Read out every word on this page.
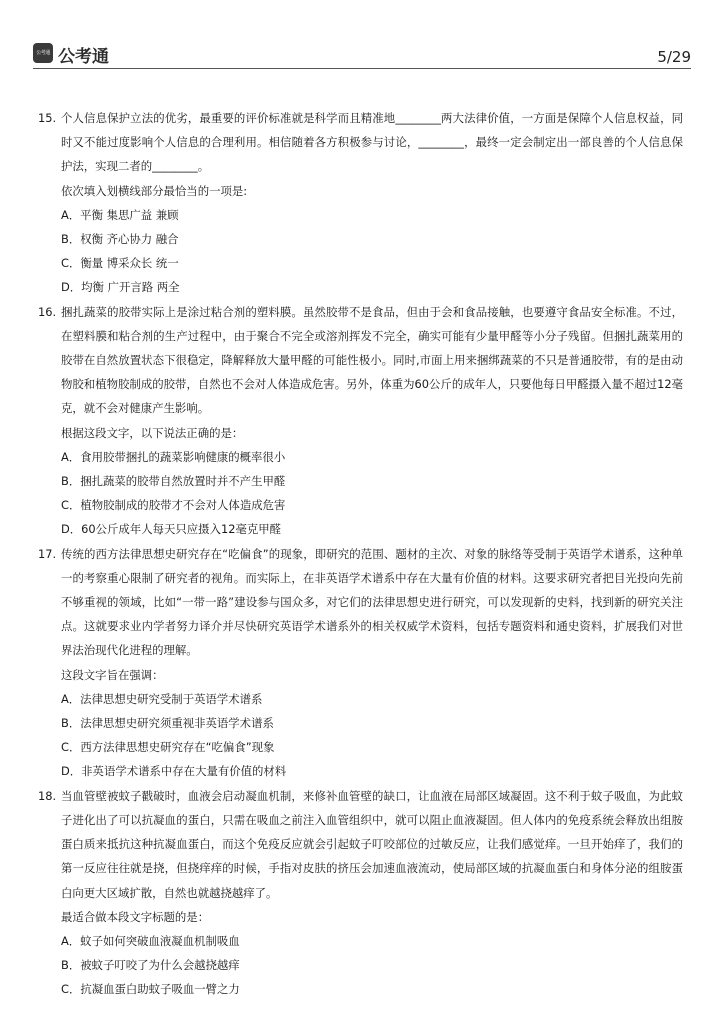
公考通 公考通	5/29
15. 个人信息保护立法的优劣，最重要的评价标准就是科学而且精准地________两大法律价值，一方面是保障个人信息权益，同时又不能过度影响个人信息的合理利用。相信随着各方积极参与讨论，________，最终一定会制定出一部良善的个人信息保护法，实现二者的________。

依次填入划横线部分最恰当的一项是:

A．平衡 集思广益 兼顾

B．权衡 齐心协力 融合

C．衡量 博采众长 统一

D．均衡 广开言路 两全

16. 捆扎蔬菜的胶带实际上是涂过粘合剂的塑料膜。虽然胶带不是食品，但由于会和食品接触，也要遵守食品安全标准。不过，在塑料膜和粘合剂的生产过程中，由于聚合不完全或溶剂挥发不完全，确实可能有少量甲醛等小分子残留。但捆扎蔬菜用的胶带在自然放置状态下很稳定，降解释放大量甲醛的可能性极小。同时,市面上用来捆绑蔬菜的不只是普通胶带，有的是由动物胶和植物胶制成的胶带，自然也不会对人体造成危害。另外，体重为60公斤的成年人，只要他每日甲醛摄入量不超过12毫克，就不会对健康产生影响。

根据这段文字，以下说法正确的是：

A．食用胶带捆扎的蔬菜影响健康的概率很小

B．捆扎蔬菜的胶带自然放置时并不产生甲醛

C．植物胶制成的胶带才不会对人体造成危害

D．60公斤成年人每天只应摄入12毫克甲醛

17. 传统的西方法律思想史研究存在“吃偏食”的现象，即研究的范围、题材的主次、对象的脉络等受制于英语学术谱系，这种单一的考察重心限制了研究者的视角。而实际上，在非英语学术谱系中存在大量有价值的材料。这要求研究者把目光投向先前不够重视的领域，比如“一带一路”建设参与国众多，对它们的法律思想史进行研究，可以发现新的史料，找到新的研究关注点。这就要求业内学者努力译介并尽快研究英语学术谱系外的相关权威学术资料，包括专题资料和通史资料，扩展我们对世界法治现代化进程的理解。

这段文字旨在强调：

A．法律思想史研究受制于英语学术谱系

B．法律思想史研究须重视非英语学术谱系

C．西方法律思想史研究存在“吃偏食”现象

D．非英语学术谱系中存在大量有价值的材料

18. 当血管壁被蚊子戳破时，血液会启动凝血机制，来修补血管壁的缺口，让血液在局部区域凝固。这不利于蚊子吸血，为此蚊子进化出了可以抗凝血的蛋白，只需在吸血之前注入血管组织中，就可以阻止血液凝固。但人体内的免疫系统会释放出组胺蛋白质来抵抗这种抗凝血蛋白，而这个免疫反应就会引起蚊子叮咬部位的过敏反应，让我们感觉痒。一旦开始痒了，我们的第一反应往往就是挠，但挠痒痒的时候，手指对皮肤的挤压会加速血液流动，使局部区域的抗凝血蛋白和身体分泌的组胺蛋白向更大区域扩散，自然也就越挠越痒了。

最适合做本段文字标题的是：

A．蚊子如何突破血液凝血机制吸血

B．被蚊子叮咬了为什么会越挠越痒

C．抗凝血蛋白助蚊子吸血一臂之力
